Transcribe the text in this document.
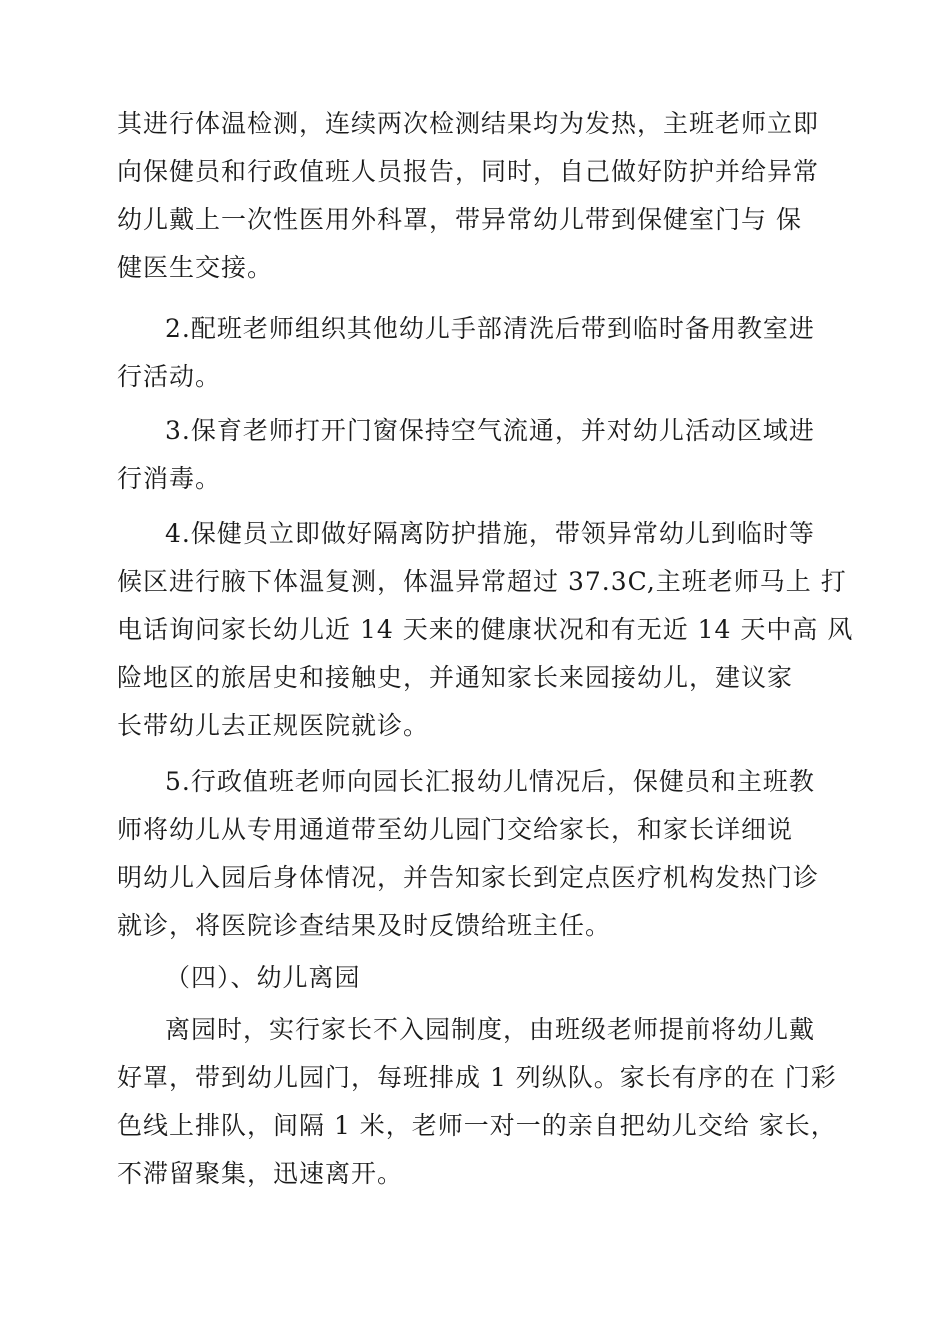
其进行体温检测，连续两次检测结果均为发热，主班老师立即
向保健员和行政值班人员报告，同时，自己做好防护并给异常
幼儿戴上一次性医用外科罩，带异常幼儿带到保健室门与 保
健医生交接。
2.配班老师组织其他幼儿手部清洗后带到临时备用教室进
行活动。
3.保育老师打开门窗保持空气流通，并对幼儿活动区域进
行消毒。
4.保健员立即做好隔离防护措施，带领异常幼儿到临时等
候区进行腋下体温复测，体温异常超过 37.3C,主班老师马上 打
电话询问家长幼儿近 14 天来的健康状况和有无近 14 天中高 风
险地区的旅居史和接触史，并通知家长来园接幼儿，建议家
长带幼儿去正规医院就诊。
5.行政值班老师向园长汇报幼儿情况后，保健员和主班教
师将幼儿从专用通道带至幼儿园门交给家长，和家长详细说
明幼儿入园后身体情况，并告知家长到定点医疗机构发热门诊
就诊，将医院诊查结果及时反馈给班主任。
（四）、幼儿离园
离园时，实行家长不入园制度，由班级老师提前将幼儿戴
好罩，带到幼儿园门，每班排成 1 列纵队。家长有序的在 门彩
色线上排队，间隔 1 米，老师一对一的亲自把幼儿交给 家长，
不滞留聚集，迅速离开。
